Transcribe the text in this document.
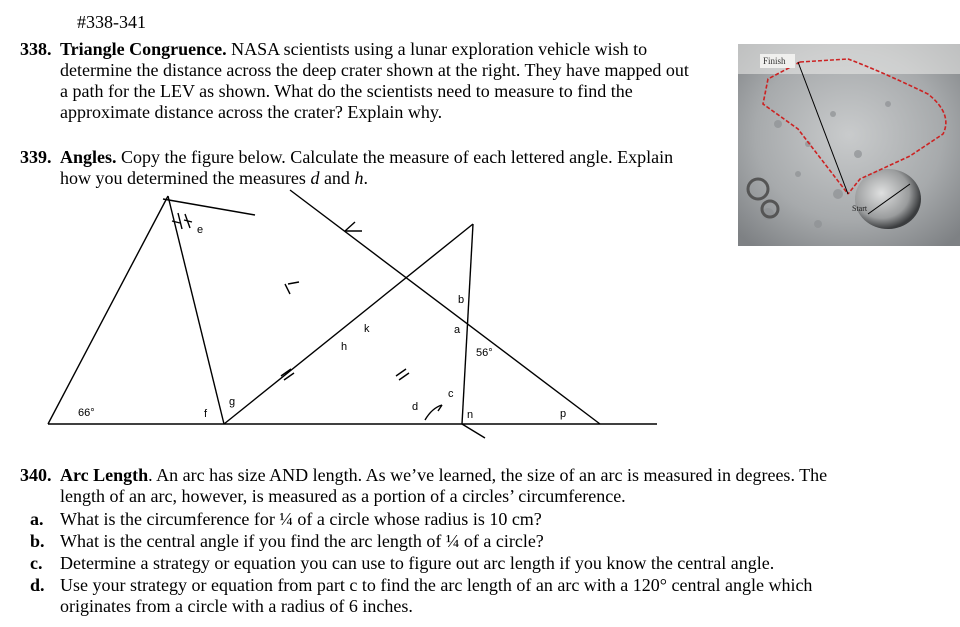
#338-341
338. Triangle Congruence. NASA scientists using a lunar exploration vehicle wish to
determine the distance across the deep crater shown at the right. They have mapped out
a path for the LEV as shown. What do the scientists need to measure to find the
approximate distance across the crater? Explain why.
339. Angles. Copy the figure below. Calculate the measure of each lettered angle. Explain
how you determined the measures d and h.
66°	f
g
e
h
k	a
b
56°
c
d
n	p
Finish
Start
340. Arc Length. An arc has size AND length. As we’ve learned, the size of an arc is measured in degrees. The
length of an arc, however, is measured as a portion of a circles’ circumference.
a. What is the circumference for ¼ of a circle whose radius is 10 cm?
b. What is the central angle if you find the arc length of ¼ of a circle?
c. Determine a strategy or equation you can use to figure out arc length if you know the central angle.
d. Use your strategy or equation from part c to find the arc length of an arc with a 120° central angle which
originates from a circle with a radius of 6 inches.
